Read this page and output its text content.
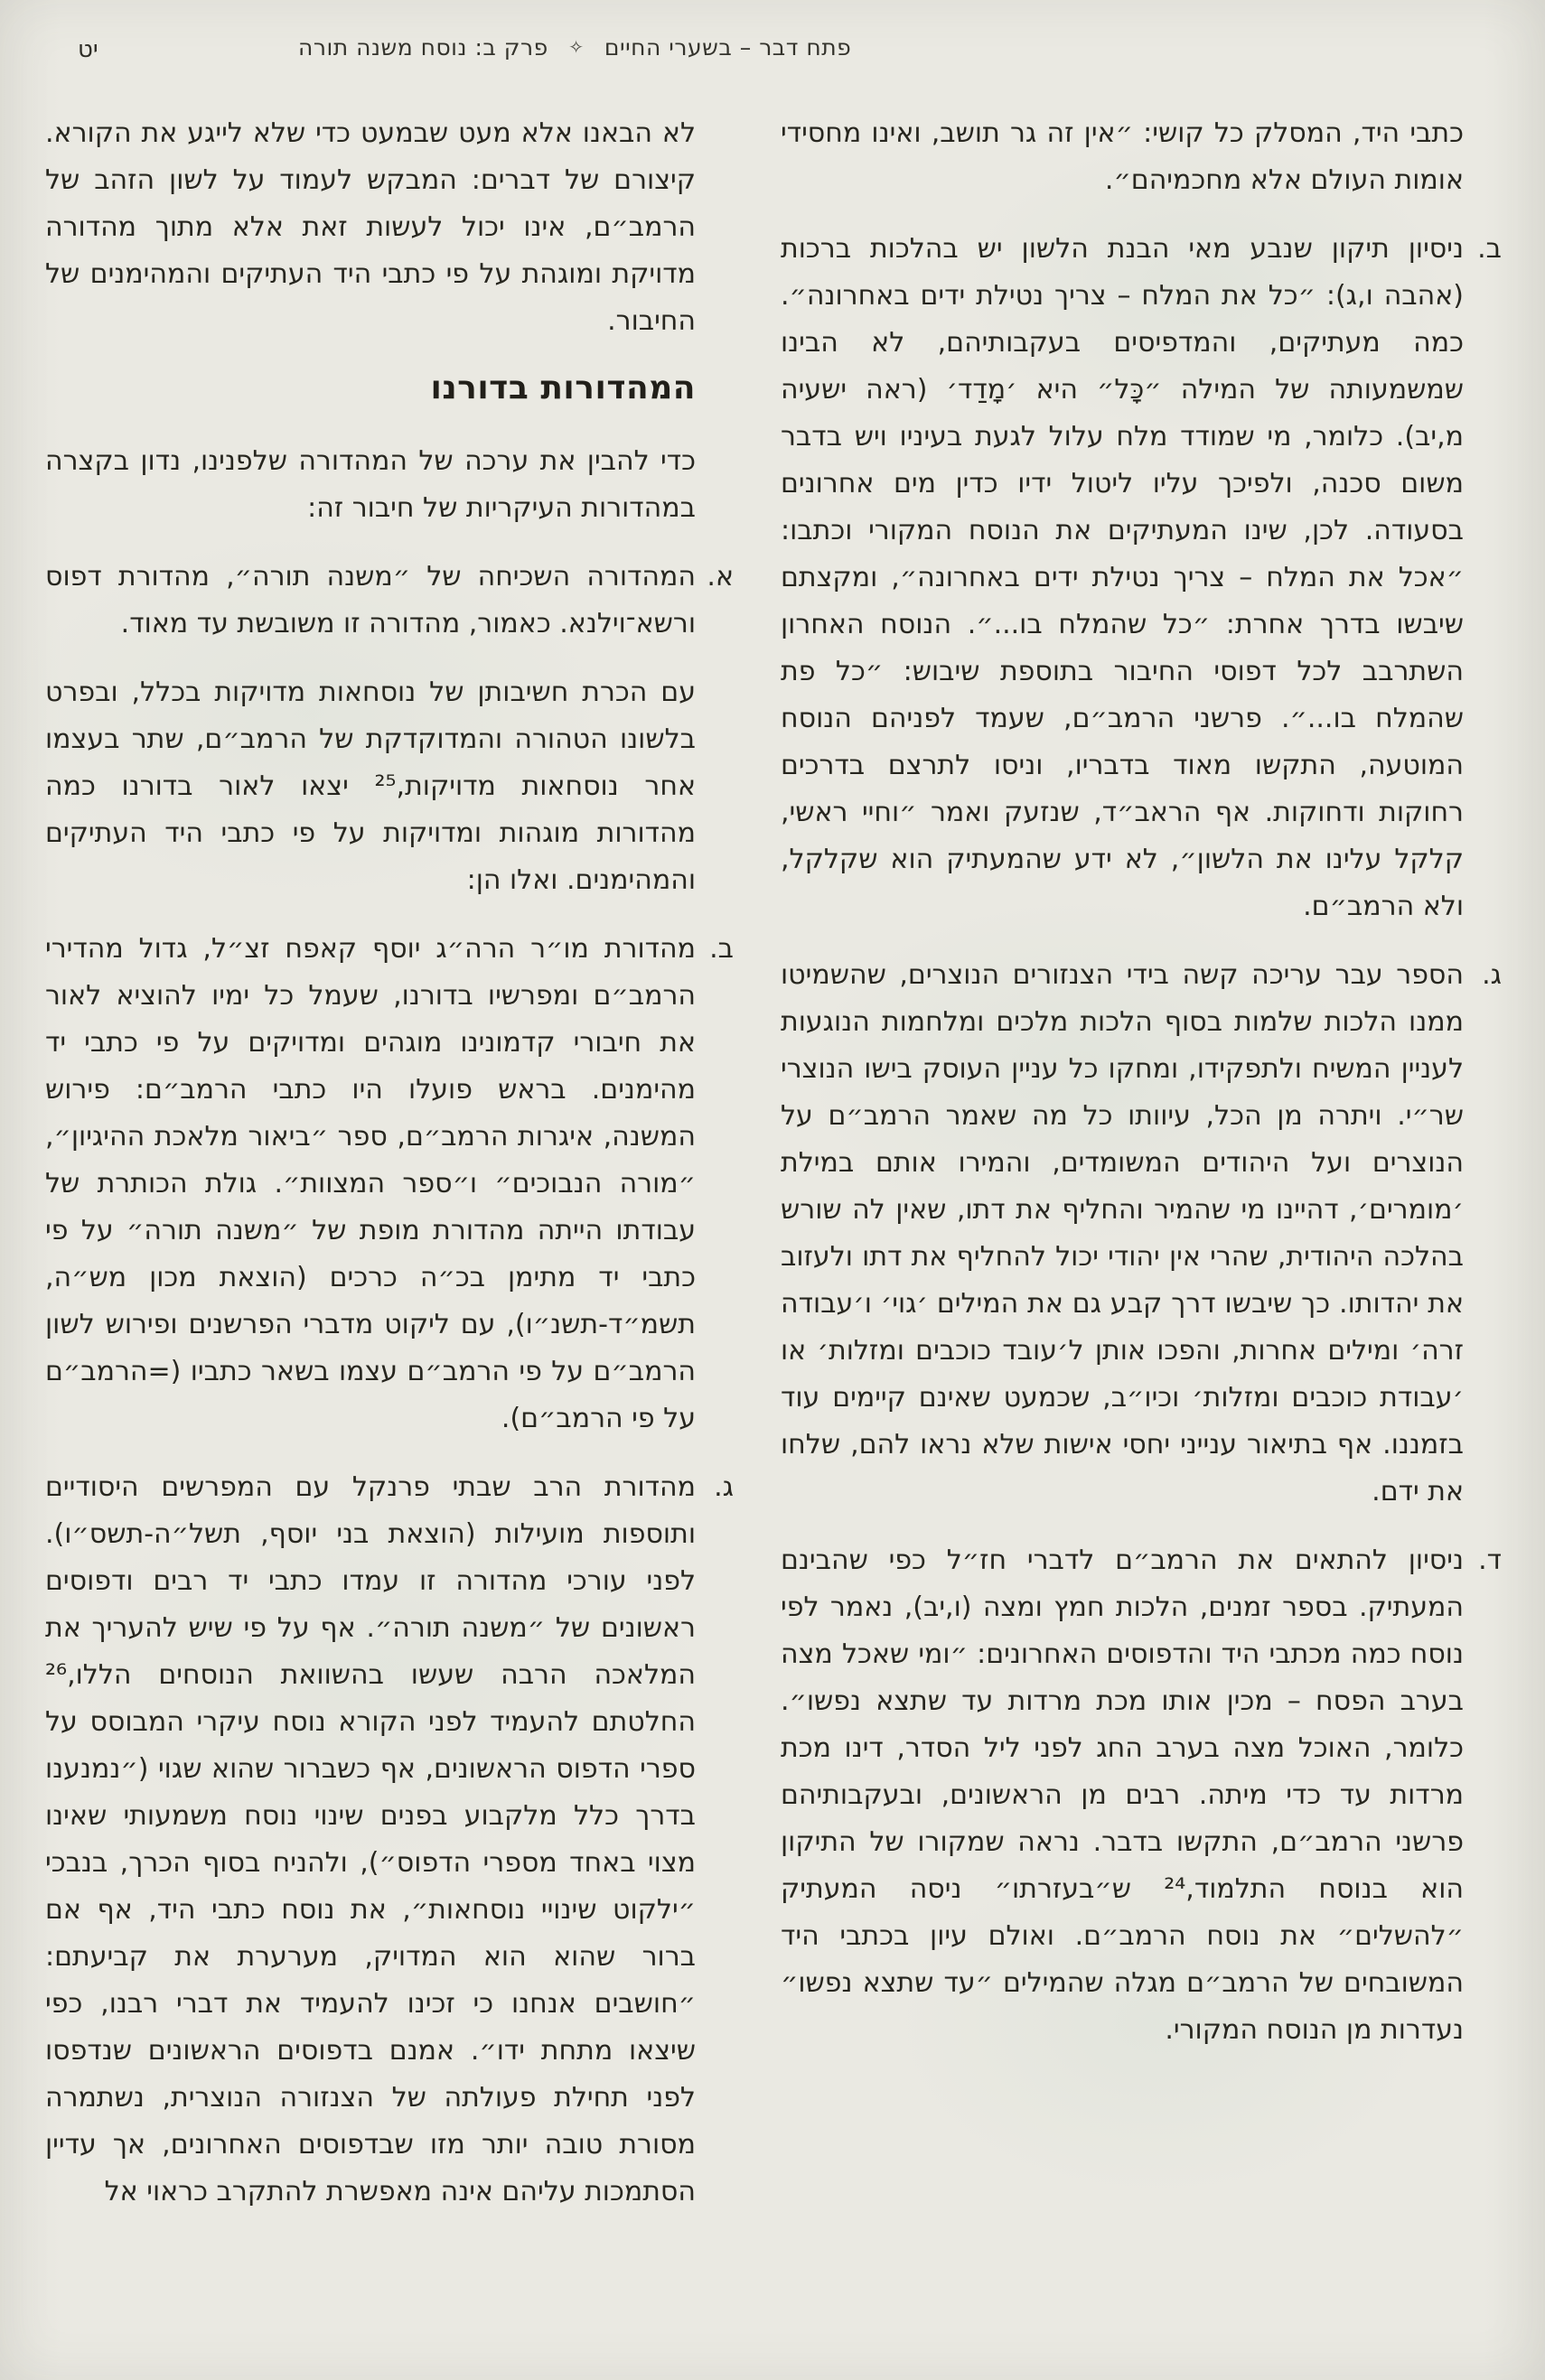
יט	פתח דבר – בשערי החיים ✧ פרק ב: נוסח משנה תורה

כתבי היד, המסלק כל קושי: ״אין זה גר תושב, ואינו מחסידי אומות העולם אלא מחכמיהם״.

ב.

ניסיון תיקון שנבע מאי הבנת הלשון יש בהלכות ברכות (אהבה ו,ג): ״כל את המלח – צריך נטילת ידים באחרונה״. כמה מעתיקים, והמדפיסים בעקבותיהם, לא הבינו שמשמעותה של המילה ״כָּל״ היא ׳מָדַד׳ (ראה ישעיה מ,יב). כלומר, מי שמודד מלח עלול לגעת בעיניו ויש בדבר משום סכנה, ולפיכך עליו ליטול ידיו כדין מים אחרונים בסעודה. לכן, שינו המעתיקים את הנוסח המקורי וכתבו: ״אכל את המלח – צריך נטילת ידים באחרונה״, ומקצתם שיבשו בדרך אחרת: ״כל שהמלח בו...״. הנוסח האחרון השתרבב לכל דפוסי החיבור בתוספת שיבוש: ״כל פת שהמלח בו...״. פרשני הרמב״ם, שעמד לפניהם הנוסח המוטעה, התקשו מאוד בדבריו, וניסו לתרצם בדרכים רחוקות ודחוקות. אף הראב״ד, שנזעק ואמר ״וחיי ראשי, קלקל עלינו את הלשון״, לא ידע שהמעתיק הוא שקלקל, ולא הרמב״ם.

ג.

הספר עבר עריכה קשה בידי הצנזורים הנוצרים, שהשמיטו ממנו הלכות שלמות בסוף הלכות מלכים ומלחמות הנוגעות לעניין המשיח ולתפקידו, ומחקו כל עניין העוסק בישו הנוצרי שר״י. ויתרה מן הכל, עיוותו כל מה שאמר הרמב״ם על הנוצרים ועל היהודים המשומדים, והמירו אותם במילת ׳מומרים׳, דהיינו מי שהמיר והחליף את דתו, שאין לה שורש בהלכה היהודית, שהרי אין יהודי יכול להחליף את דתו ולעזוב את יהדותו. כך שיבשו דרך קבע גם את המילים ׳גוי׳ ו׳עבודה זרה׳ ומילים אחרות, והפכו אותן ל׳עובד כוכבים ומזלות׳ או ׳עבודת כוכבים ומזלות׳ וכיו״ב, שכמעט שאינם קיימים עוד בזמננו. אף בתיאור ענייני יחסי אישות שלא נראו להם, שלחו את ידם.

ד.

ניסיון להתאים את הרמב״ם לדברי חז״ל כפי שהבינם המעתיק. בספר זמנים, הלכות חמץ ומצה (ו,יב), נאמר לפי נוסח כמה מכתבי היד והדפוסים האחרונים: ״ומי שאכל מצה בערב הפסח – מכין אותו מכת מרדות עד שתצא נפשו״. כלומר, האוכל מצה בערב החג לפני ליל הסדר, דינו מכת מרדות עד כדי מיתה. רבים מן הראשונים, ובעקבותיהם פרשני הרמב״ם, התקשו בדבר. נראה שמקורו של התיקון הוא בנוסח התלמוד,²⁴ ש״בעזרתו״ ניסה המעתיק ״להשלים״ את נוסח הרמב״ם. ואולם עיון בכתבי היד המשובחים של הרמב״ם מגלה שהמילים ״עד שתצא נפשו״ נעדרות מן הנוסח המקורי.

לא הבאנו אלא מעט שבמעט כדי שלא לייגע את הקורא. קיצורם של דברים: המבקש לעמוד על לשון הזהב של הרמב״ם, אינו יכול לעשות זאת אלא מתוך מהדורה מדויקת ומוגהת על פי כתבי היד העתיקים והמהימנים של החיבור.

המהדורות בדורנו

כדי להבין את ערכה של המהדורה שלפנינו, נדון בקצרה במהדורות העיקריות של חיבור זה:

א.

המהדורה השכיחה של ״משנה תורה״, מהדורת דפוס ורשא־וילנא. כאמור, מהדורה זו משובשת עד מאוד.

עם הכרת חשיבותן של נוסחאות מדויקות בכלל, ובפרט בלשונו הטהורה והמדוקדקת של הרמב״ם, שתר בעצמו אחר נוסחאות מדויקות,²⁵ יצאו לאור בדורנו כמה מהדורות מוגהות ומדויקות על פי כתבי היד העתיקים והמהימנים. ואלו הן:

ב.

מהדורת מו״ר הרה״ג יוסף קאפח זצ״ל, גדול מהדירי הרמב״ם ומפרשיו בדורנו, שעמל כל ימיו להוציא לאור את חיבורי קדמונינו מוגהים ומדויקים על פי כתבי יד מהימנים. בראש פועלו היו כתבי הרמב״ם: פירוש המשנה, איגרות הרמב״ם, ספר ״ביאור מלאכת ההיגיון״, ״מורה הנבוכים״ ו״ספר המצוות״. גולת הכותרת של עבודתו הייתה מהדורת מופת של ״משנה תורה״ על פי כתבי יד מתימן בכ״ה כרכים (הוצאת מכון מש״ה, תשמ״ד-תשנ״ו), עם ליקוט מדברי הפרשנים ופירוש לשון הרמב״ם על פי הרמב״ם עצמו בשאר כתביו (=הרמב״ם על פי הרמב״ם).

ג.

מהדורת הרב שבתי פרנקל עם המפרשים היסודיים ותוספות מועילות (הוצאת בני יוסף, תשל״ה-תשס״ו). לפני עורכי מהדורה זו עמדו כתבי יד רבים ודפוסים ראשונים של ״משנה תורה״. אף על פי שיש להעריך את המלאכה הרבה שעשו בהשוואת הנוסחים הללו,²⁶ החלטתם להעמיד לפני הקורא נוסח עיקרי המבוסס על ספרי הדפוס הראשונים, אף כשברור שהוא שגוי (״נמנענו בדרך כלל מלקבוע בפנים שינוי נוסח משמעותי שאינו מצוי באחד מספרי הדפוס״), ולהניח בסוף הכרך, בנבכי ״ילקוט שינויי נוסחאות״, את נוסח כתבי היד, אף אם ברור שהוא הוא המדויק, מערערת את קביעתם: ״חושבים אנחנו כי זכינו להעמיד את דברי רבנו, כפי שיצאו מתחת ידו״. אמנם בדפוסים הראשונים שנדפסו לפני תחילת פעולתה של הצנזורה הנוצרית, נשתמרה מסורת טובה יותר מזו שבדפוסים האחרונים, אך עדיין הסתמכות עליהם אינה מאפשרת להתקרב כראוי אל
